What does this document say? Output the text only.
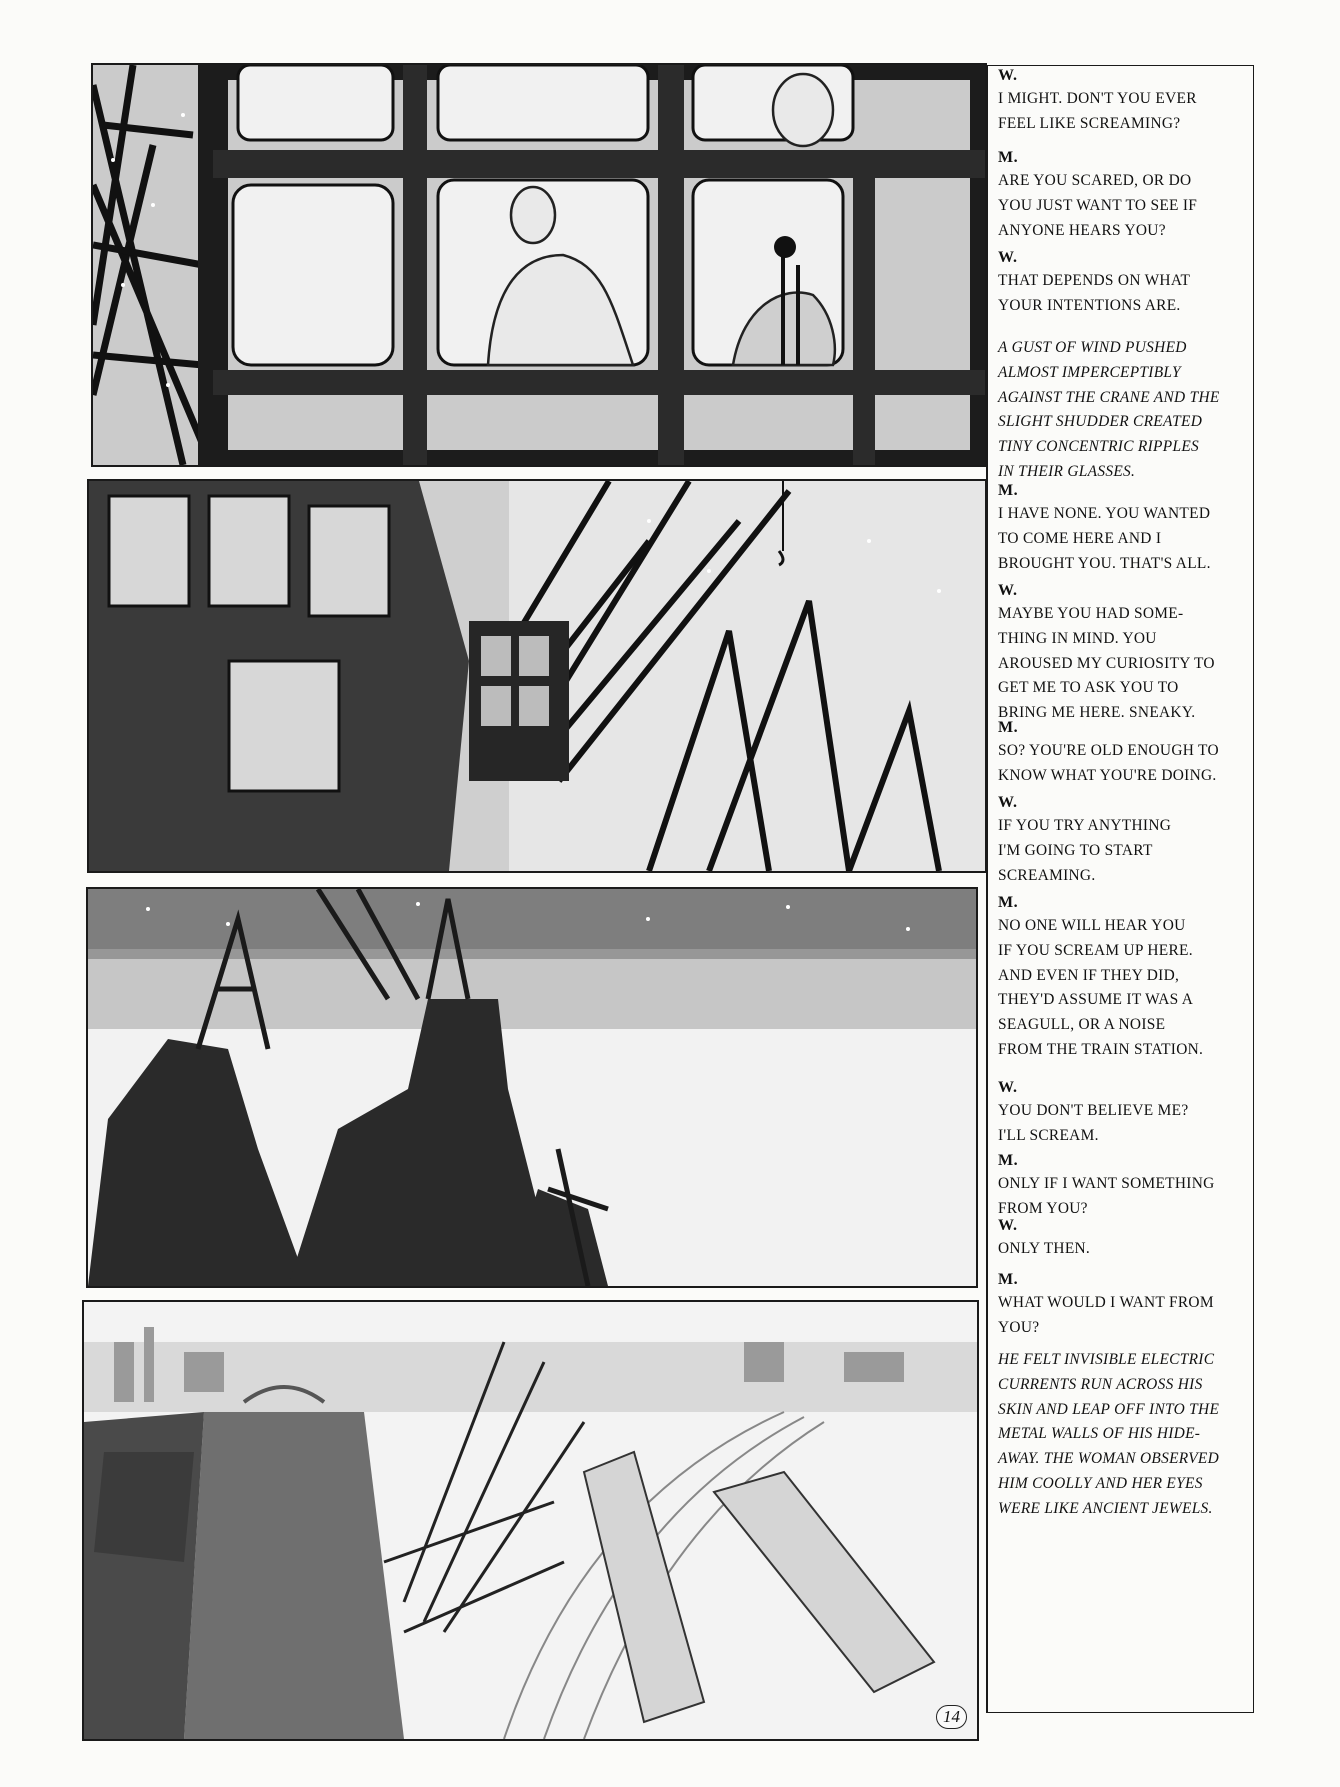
14
W.
I MIGHT. DON'T YOU EVER
FEEL LIKE SCREAMING?
M.
ARE YOU SCARED, OR DO
YOU JUST WANT TO SEE IF
ANYONE HEARS YOU?
W.
THAT DEPENDS ON WHAT
YOUR INTENTIONS ARE.
A GUST OF WIND PUSHED
ALMOST IMPERCEPTIBLY
AGAINST THE CRANE AND THE
SLIGHT SHUDDER CREATED
TINY CONCENTRIC RIPPLES
IN THEIR GLASSES.
M.
I HAVE NONE. YOU WANTED
TO COME HERE AND I
BROUGHT YOU. THAT'S ALL.
W.
MAYBE YOU HAD SOME-
THING IN MIND. YOU
AROUSED MY CURIOSITY TO
GET ME TO ASK YOU TO
BRING ME HERE. SNEAKY.
M.
SO? YOU'RE OLD ENOUGH TO
KNOW WHAT YOU'RE DOING.
W.
IF YOU TRY ANYTHING
I'M GOING TO START
SCREAMING.
M.
NO ONE WILL HEAR YOU
IF YOU SCREAM UP HERE.
AND EVEN IF THEY DID,
THEY'D ASSUME IT WAS A
SEAGULL, OR A NOISE
FROM THE TRAIN STATION.
W.
YOU DON'T BELIEVE ME?
I'LL SCREAM.
M.
ONLY IF I WANT SOMETHING
FROM YOU?
W.
ONLY THEN.
M.
WHAT WOULD I WANT FROM
YOU?
HE FELT INVISIBLE ELECTRIC
CURRENTS RUN ACROSS HIS
SKIN AND LEAP OFF INTO THE
METAL WALLS OF HIS HIDE-
AWAY. THE WOMAN OBSERVED
HIM COOLLY AND HER EYES
WERE LIKE ANCIENT JEWELS.
